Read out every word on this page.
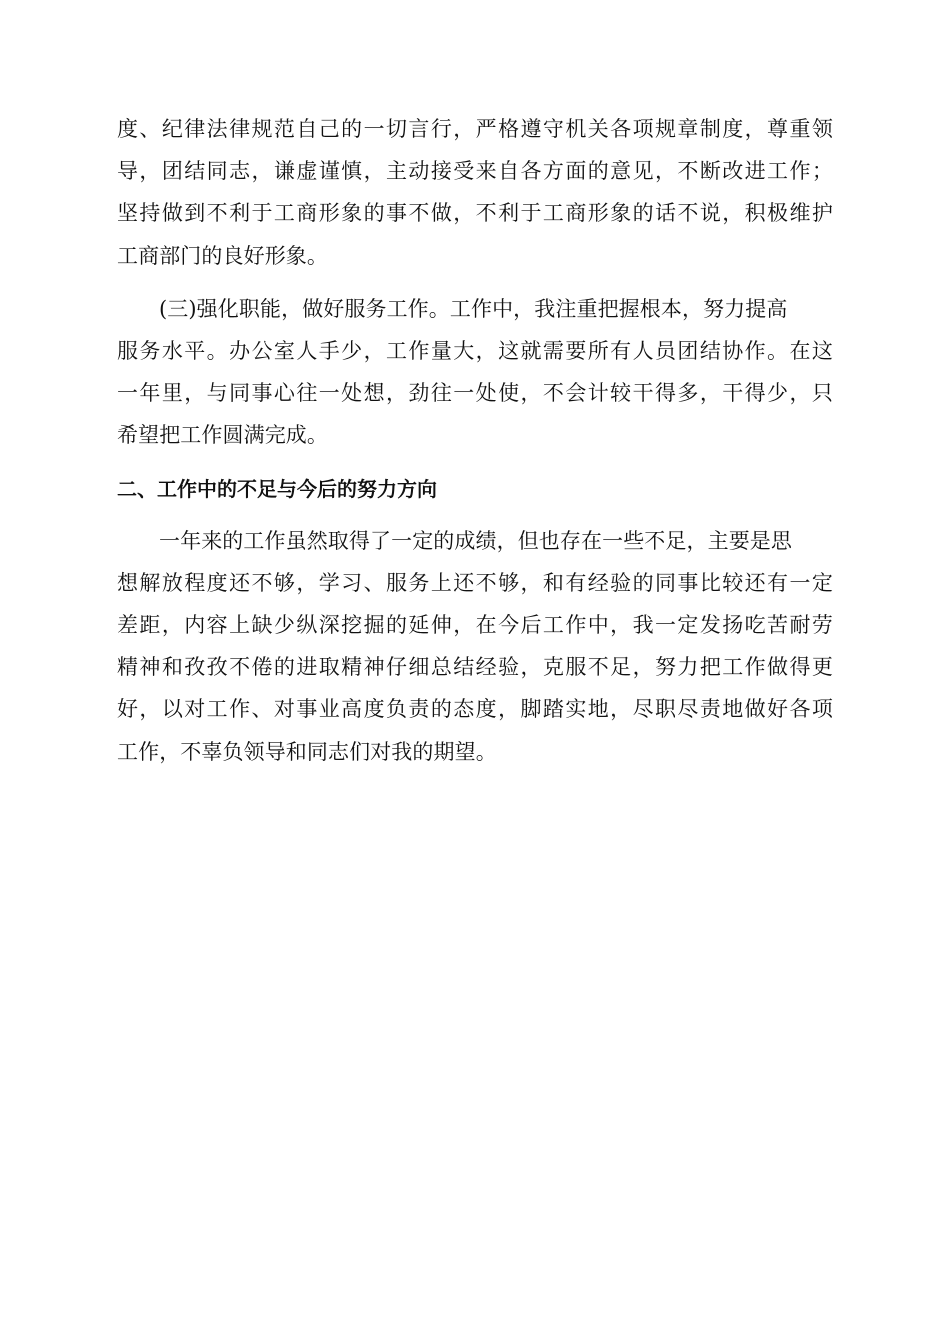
度、纪律法律规范自己的一切言行，严格遵守机关各项规章制度，尊重领
导，团结同志，谦虚谨慎，主动接受来自各方面的意见，不断改进工作；
坚持做到不利于工商形象的事不做，不利于工商形象的话不说，积极维护
工商部门的良好形象。
(三)强化职能，做好服务工作。工作中，我注重把握根本，努力提高
服务水平。办公室人手少，工作量大，这就需要所有人员团结协作。在这
一年里，与同事心往一处想，劲往一处使，不会计较干得多，干得少，只
希望把工作圆满完成。
二、工作中的不足与今后的努力方向
一年来的工作虽然取得了一定的成绩，但也存在一些不足，主要是思
想解放程度还不够，学习、服务上还不够，和有经验的同事比较还有一定
差距，内容上缺少纵深挖掘的延伸，在今后工作中，我一定发扬吃苦耐劳
精神和孜孜不倦的进取精神仔细总结经验，克服不足，努力把工作做得更
好，以对工作、对事业高度负责的态度，脚踏实地，尽职尽责地做好各项
工作，不辜负领导和同志们对我的期望。
